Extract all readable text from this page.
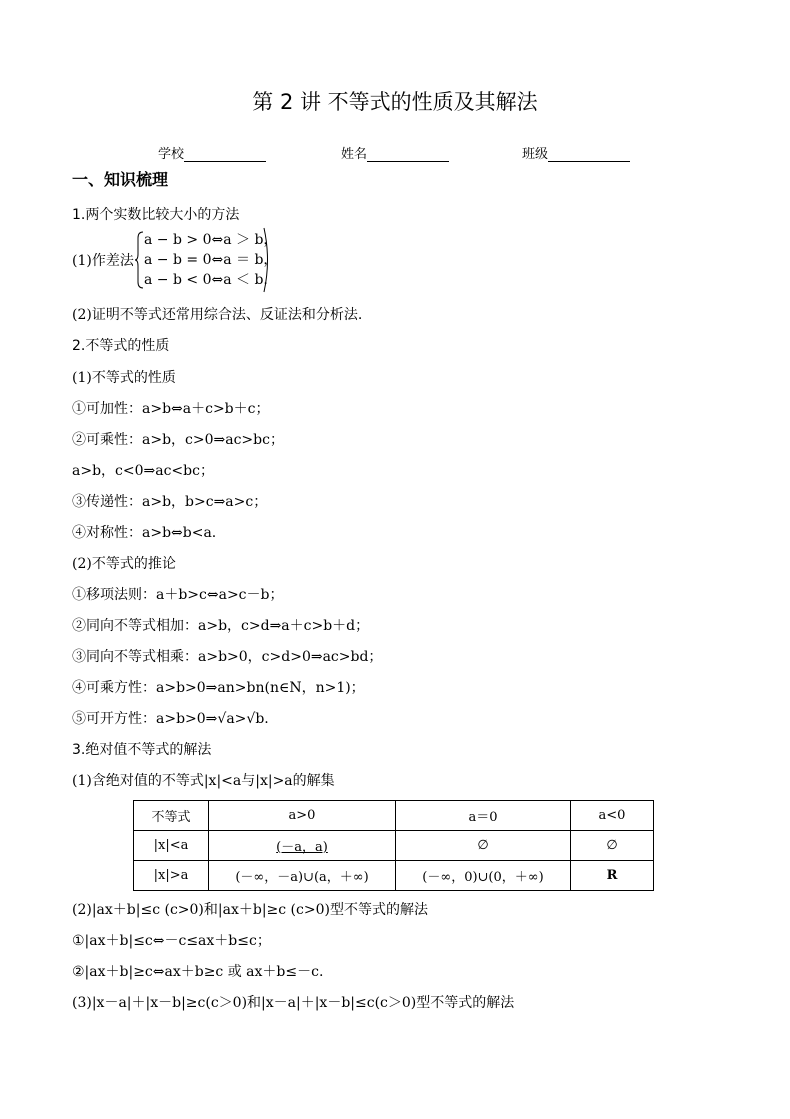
第 2 讲 不等式的性质及其解法
学校	姓名	班级
一、知识梳理
1.两个实数比较大小的方法
(1)作差法
a − b > 0⇔a ＞ b，
a − b = 0⇔a ＝ b，
a − b < 0⇔a ＜ b.
(2)证明不等式还常用综合法、反证法和分析法.
2.不等式的性质
(1)不等式的性质
①可加性：a>b⇔a＋c>b＋c；
②可乘性：a>b，c>0⇒ac>bc；
a>b，c<0⇒ac<bc；
③传递性：a>b，b>c⇒a>c；
④对称性：a>b⇔b<a.
(2)不等式的推论
①移项法则：a＋b>c⇔a>c－b；
②同向不等式相加：a>b，c>d⇒a＋c>b＋d；
③同向不等式相乘：a>b>0，c>d>0⇒ac>bd；
④可乘方性：a>b>0⇒an>bn(n∈N，n>1)；
⑤可开方性：a>b>0⇒√a>√b.
3.绝对值不等式的解法
(1)含绝对值的不等式|x|<a与|x|>a的解集
不等式	a>0	a＝0	a<0
|x|<a	(－a，a)	∅	∅
|x|>a	(－∞，－a)∪(a，＋∞)	(－∞，0)∪(0，＋∞)	R
(2)|ax＋b|≤c (c>0)和|ax＋b|≥c (c>0)型不等式的解法
①|ax＋b|≤c⇔－c≤ax＋b≤c；
②|ax＋b|≥c⇔ax＋b≥c 或 ax＋b≤－c.
(3)|x－a|＋|x－b|≥c(c＞0)和|x－a|＋|x－b|≤c(c＞0)型不等式的解法
